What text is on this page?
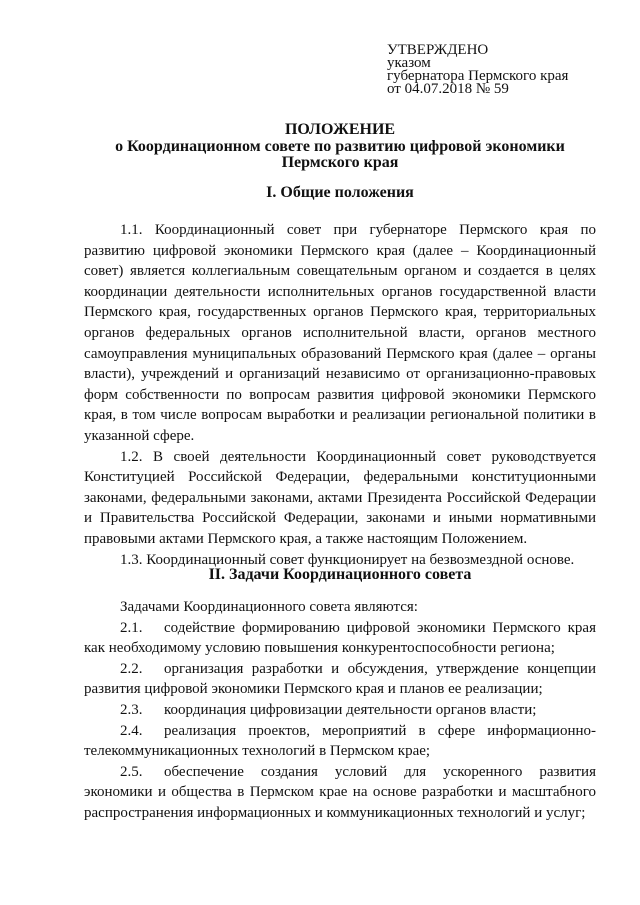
УТВЕРЖДЕНО
указом
губернатора Пермского края
от 04.07.2018 № 59
ПОЛОЖЕНИЕ
о Координационном совете по развитию цифровой экономики
Пермского края
I. Общие положения

1.1. Координационный совет при губернаторе Пермского края по развитию цифровой экономики Пермского края (далее – Координационный совет) является коллегиальным совещательным органом и создается в целях координации деятельности исполнительных органов государственной власти Пермского края, государственных органов Пермского края, территориальных органов федеральных органов исполнительной власти, органов местного самоуправления муниципальных образований Пермского края (далее – органы власти), учреждений и организаций независимо от организационно-правовых форм собственности по вопросам развития цифровой экономики Пермского края, в том числе вопросам выработки и реализации региональной политики в указанной сфере.

1.2. В своей деятельности Координационный совет руководствуется Конституцией Российской Федерации, федеральными конституционными законами, федеральными законами, актами Президента Российской Федерации и Правительства Российской Федерации, законами и иными нормативными правовыми актами Пермского края, а также настоящим Положением.

1.3. Координационный совет функционирует на безвозмездной основе.

II. Задачи Координационного совета

Задачами Координационного совета являются:

2.1. содействие формированию цифровой экономики Пермского края как необходимому условию повышения конкурентоспособности региона;

2.2. организация разработки и обсуждения, утверждение концепции развития цифровой экономики Пермского края и планов ее реализации;

2.3. координация цифровизации деятельности органов власти;

2.4. реализация проектов, мероприятий в сфере информационно-телекоммуникационных технологий в Пермском крае;

2.5. обеспечение создания условий для ускоренного развития экономики и общества в Пермском крае на основе разработки и масштабного распространения информационных и коммуникационных технологий и услуг;
